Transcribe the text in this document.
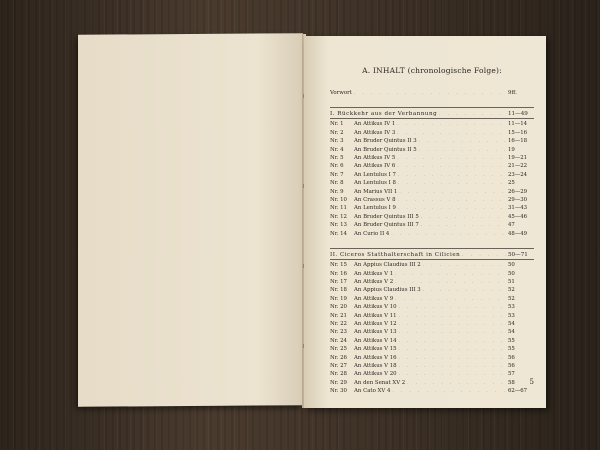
A. INHALT (chronologische Folge):
Vorwort . . .	9ff.
I. Rückkehr aus der Verbannung . . .	11—49
Nr. 1	An Attikus IV 1 . . .	11—14
Nr. 2	An Attikus IV 3 . . .	15—16
Nr. 3	An Bruder Quintus II 3 . . .	16—18
Nr. 4	An Bruder Quintus II 5 . . .	19
Nr. 5	An Attikus IV 5 . . .	19—21
Nr. 6	An Attikus IV 6 . . .	21—22
Nr. 7	An Lentulus I 7 . . .	23—24
Nr. 8	An Lentulus I 8 . . .	25
Nr. 9	An Marius VII 1 . . .	26—29
Nr. 10	An Crassus V 8 . . .	29—30
Nr. 11	An Lentulus I 9 . . .	31—43
Nr. 12	An Bruder Quintus III 5 . . .	45—46
Nr. 13	An Bruder Quintus III 7 . . .	47
Nr. 14	An Curio II 4 . . .	48—49
II. Ciceros Statthalterschaft in Cilicien . . .	50—71
Nr. 15	An Appius Claudius III 2 . . .	50
Nr. 16	An Attikus V 1 . . .	50
Nr. 17	An Attikus V 2 . . .	51
Nr. 18	An Appius Claudius III 3 . . .	52
Nr. 19	An Attikus V 9 . . .	52
Nr. 20	An Attikus V 10 . . .	53
Nr. 21	An Attikus V 11 . . .	53
Nr. 22	An Attikus V 12 . . .	54
Nr. 23	An Attikus V 13 . . .	54
Nr. 24	An Attikus V 14 . . .	55
Nr. 25	An Attikus V 15 . . .	55
Nr. 26	An Attikus V 16 . . .	56
Nr. 27	An Attikus V 18 . . .	56
Nr. 28	An Attikus V 20 . . .	57
Nr. 29	An den Senat XV 2 . . .	58
Nr. 30	An Cato XV 4 . . .	62—67
5
